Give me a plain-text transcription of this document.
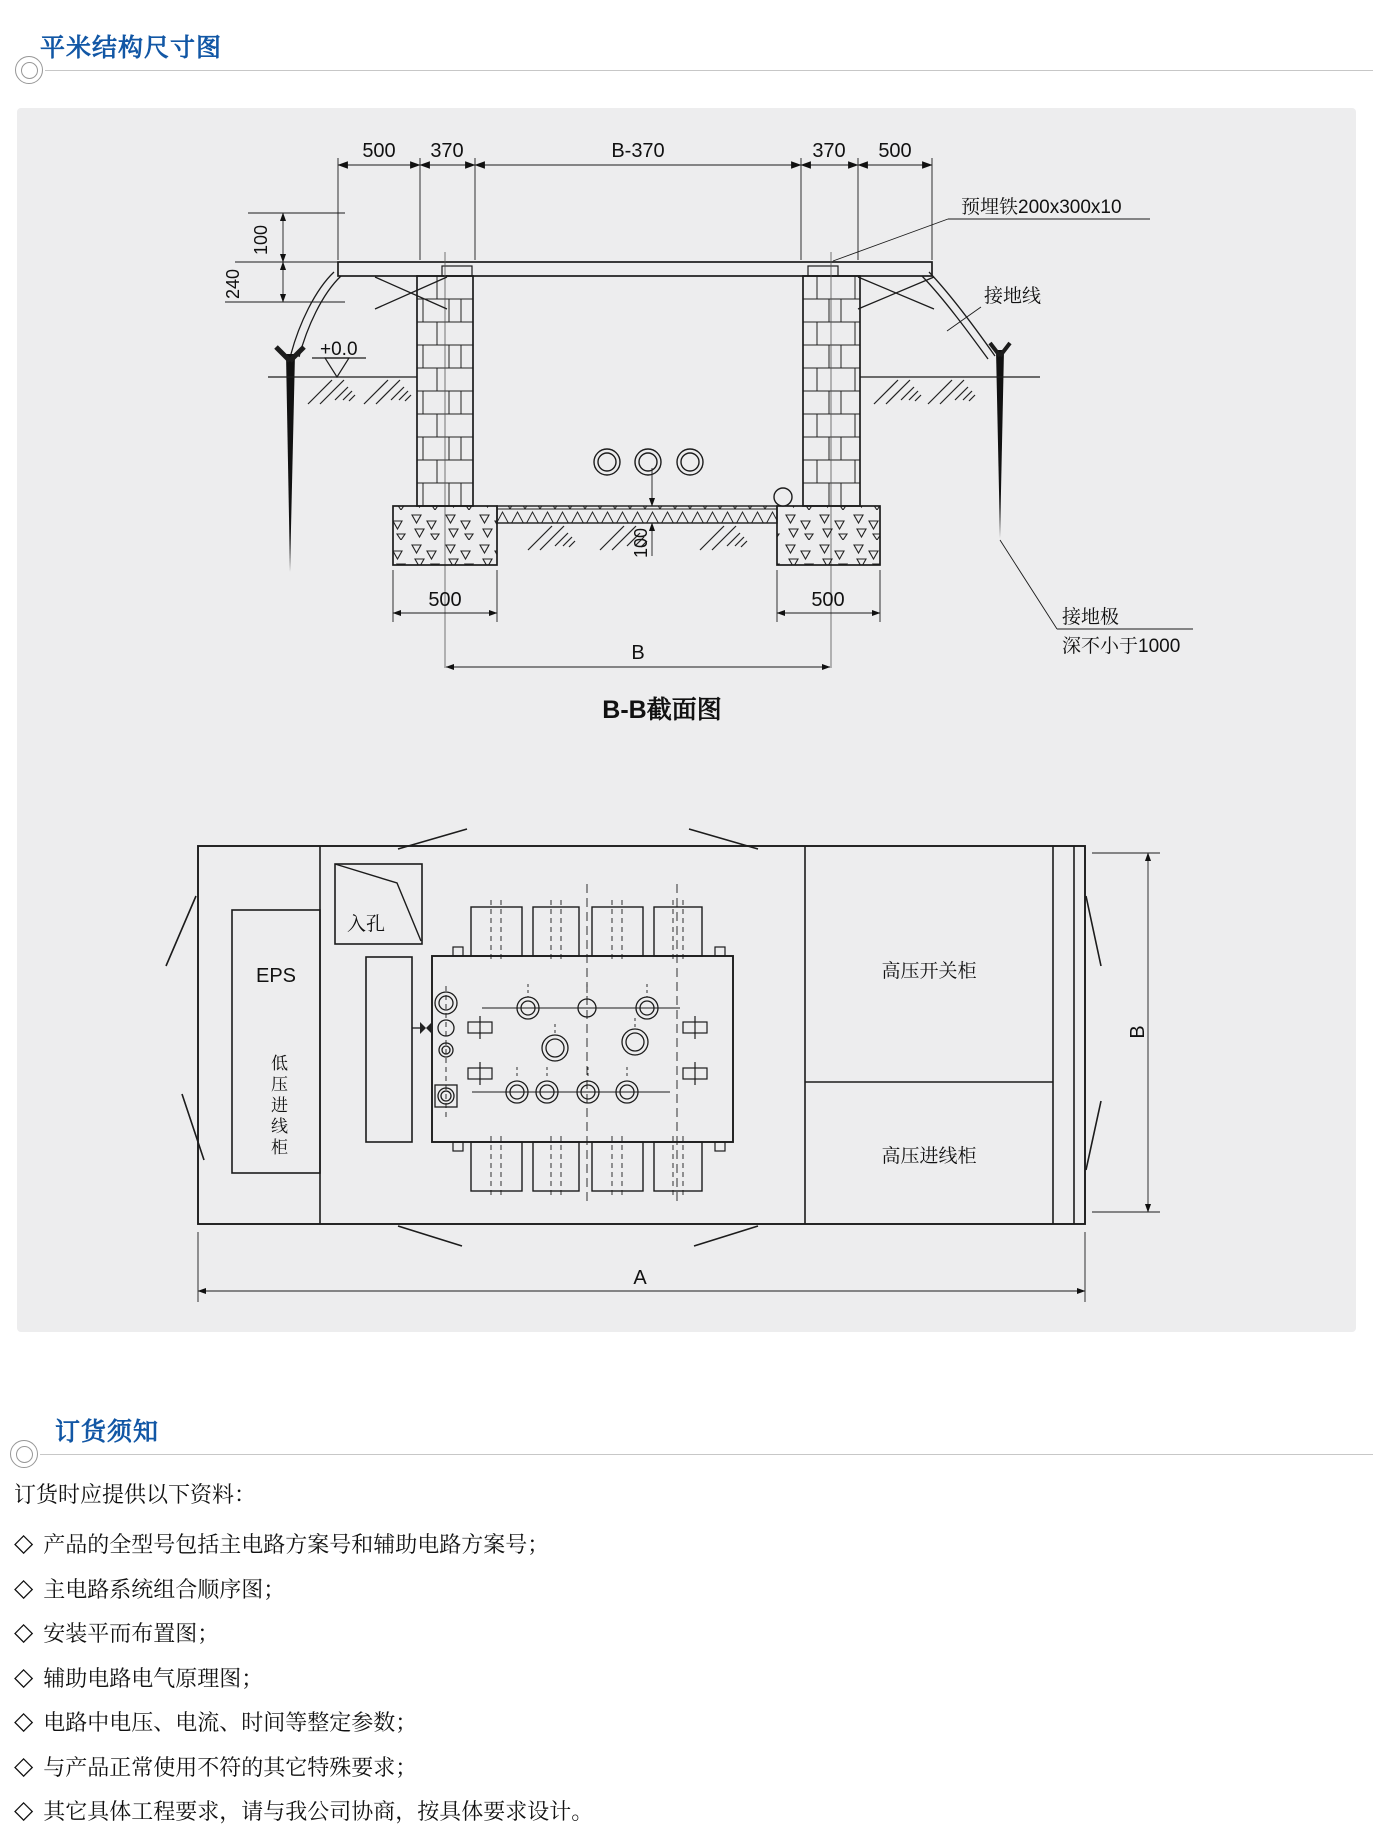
平米结构尺寸图
500 370	B-370	370 500
100
240
+0.0
100
500	500
B
B-B截面图
预埋铁200x300x10
接地线
接地极
深不小于1000
EPS
入孔
高压开关柜
高压进线柜
B
A
低压进线柜
订货须知
订货时应提供以下资料：
◇ 产品的全型号包括主电路方案号和辅助电路方案号；
◇ 主电路系统组合顺序图；
◇ 安装平而布置图；
◇ 辅助电路电气原理图；
◇ 电路中电压、电流、时间等整定参数；
◇ 与产品正常使用不符的其它特殊要求；
◇ 其它具体工程要求，请与我公司协商，按具体要求设计。
